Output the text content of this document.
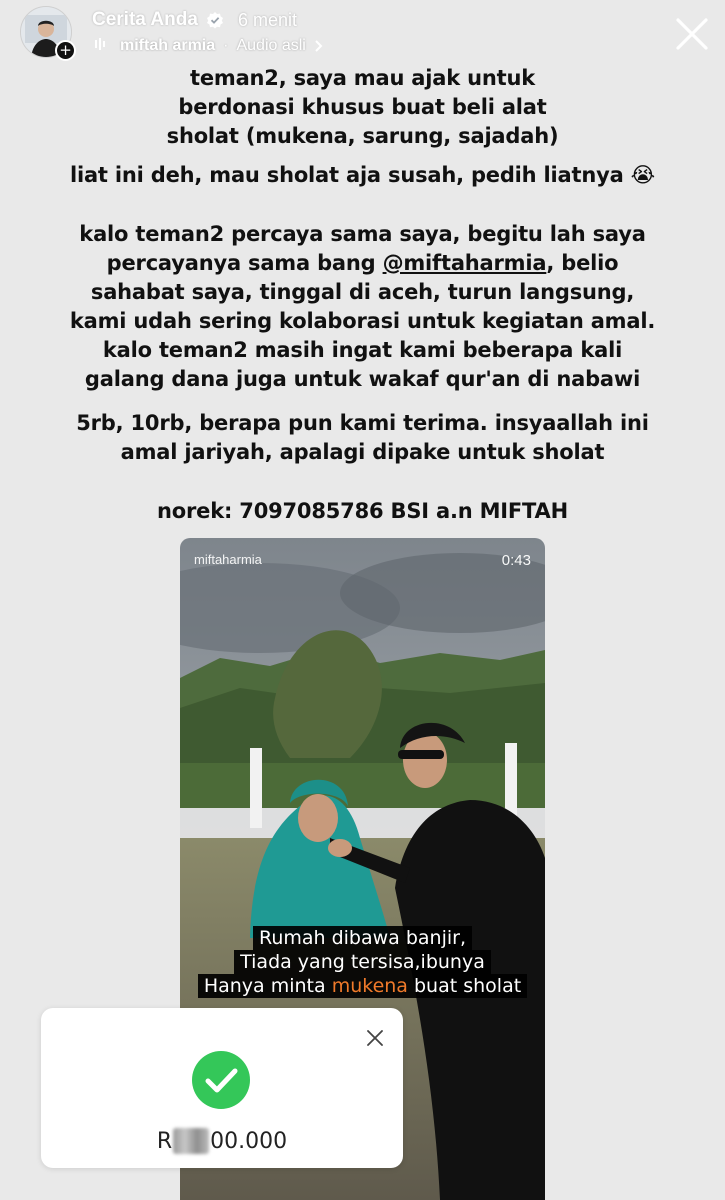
+
Cerita Anda 6 menit
miftah armia · Audio asli
teman2, saya mau ajak untuk
berdonasi khusus buat beli alat
sholat (mukena, sarung, sajadah)
liat ini deh, mau sholat aja susah, pedih liatnya 😭
kalo teman2 percaya sama saya, begitu lah saya
percayanya sama bang @miftaharmia, belio
sahabat saya, tinggal di aceh, turun langsung,
kami udah sering kolaborasi untuk kegiatan amal.
kalo teman2 masih ingat kami beberapa kali
galang dana juga untuk wakaf qur'an di nabawi
5rb, 10rb, berapa pun kami terima. insyaallah ini
amal jariyah, apalagi dipake untuk sholat
norek: 7097085786 BSI a.n MIFTAH
miftaharmia	0:43
Rumah dibawa banjir,
Tiada yang tersisa,ibunya
Hanya minta mukena buat sholat
R 00.000
